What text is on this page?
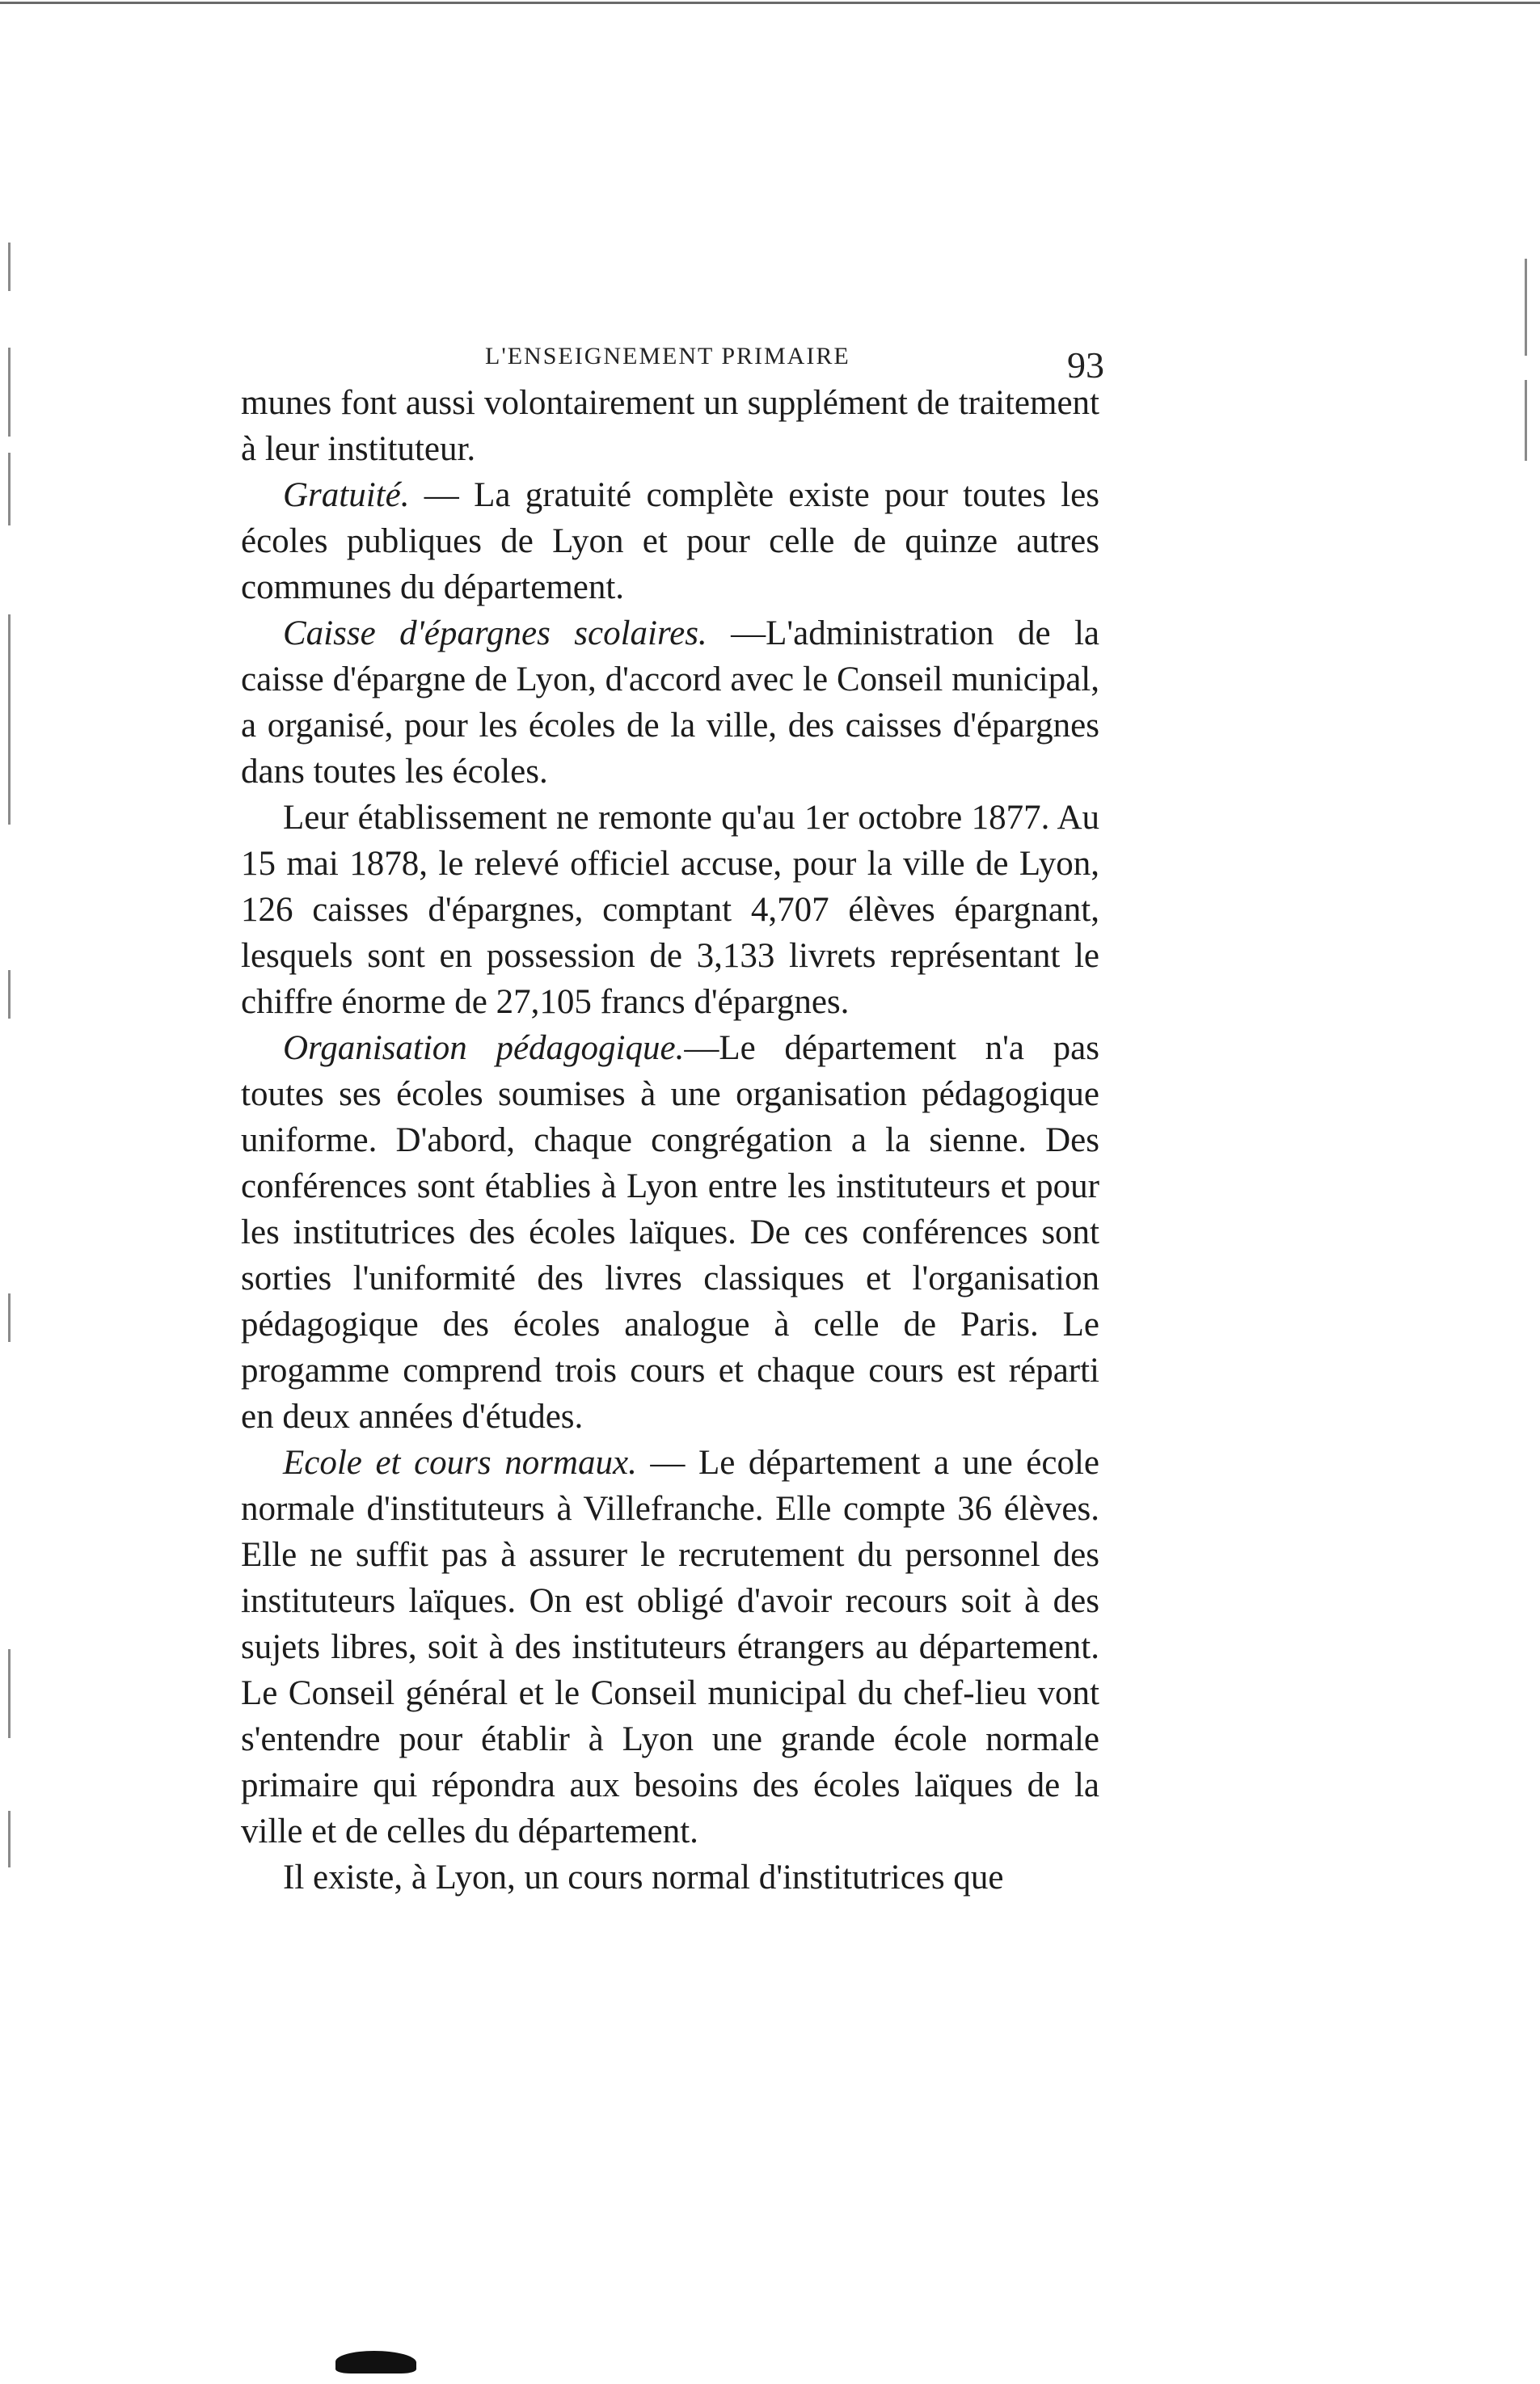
L'ENSEIGNEMENT PRIMAIRE	93

munes font aussi volontairement un supplément de traitement à leur instituteur.

Gratuité. — La gratuité complète existe pour toutes les écoles publiques de Lyon et pour celle de quinze autres communes du département.

Caisse d'épargnes scolaires. —L'administration de la caisse d'épargne de Lyon, d'accord avec le Conseil municipal, a organisé, pour les écoles de la ville, des caisses d'épargnes dans toutes les écoles.

Leur établissement ne remonte qu'au 1er octobre 1877. Au 15 mai 1878, le relevé officiel accuse, pour la ville de Lyon, 126 caisses d'épargnes, comptant 4,707 élèves épargnant, lesquels sont en possession de 3,133 livrets représentant le chiffre énorme de 27,105 francs d'épargnes.

Organisation pédagogique.—Le département n'a pas toutes ses écoles soumises à une organisation pédagogique uniforme. D'abord, chaque congrégation a la sienne. Des conférences sont établies à Lyon entre les instituteurs et pour les institutrices des écoles laïques. De ces conférences sont sorties l'uniformité des livres classiques et l'organisation pédagogique des écoles analogue à celle de Paris. Le progamme comprend trois cours et chaque cours est réparti en deux années d'études.

Ecole et cours normaux. — Le département a une école normale d'instituteurs à Villefranche. Elle compte 36 élèves. Elle ne suffit pas à assurer le recrutement du personnel des instituteurs laïques. On est obligé d'avoir recours soit à des sujets libres, soit à des instituteurs étrangers au département. Le Conseil général et le Conseil municipal du chef-lieu vont s'entendre pour établir à Lyon une grande école normale primaire qui répondra aux besoins des écoles laïques de la ville et de celles du département.

Il existe, à Lyon, un cours normal d'institutrices que
